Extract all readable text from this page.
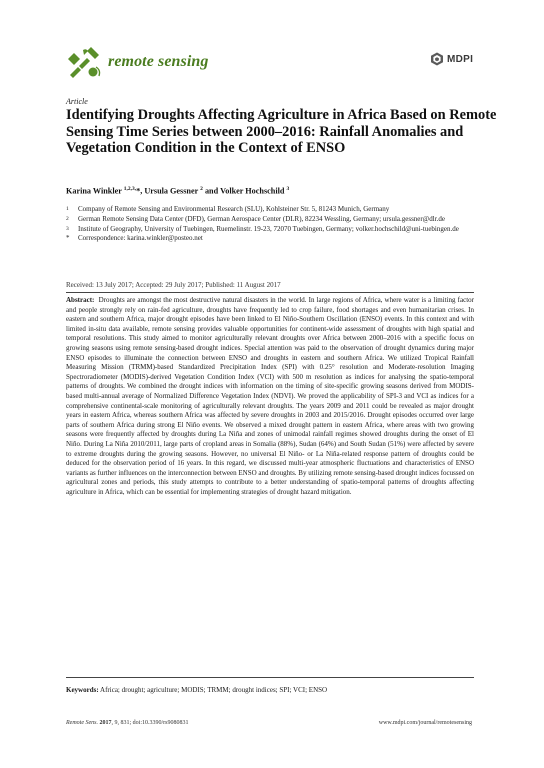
remote sensing	MDPI
Article
Identifying Droughts Affecting Agriculture in Africa Based on Remote Sensing Time Series between 2000–2016: Rainfall Anomalies and Vegetation Condition in the Context of ENSO
Karina Winkler $^{1,2,3,}$*, Ursula Gessner $^2$ and Volker Hochschild $^3$
1	Company of Remote Sensing and Environmental Research (SLU), Kohlsteiner Str. 5, 81243 Munich, Germany
2	German Remote Sensing Data Center (DFD), German Aerospace Center (DLR), 82234 Wessling, Germany; ursula.gessner@dlr.de
3	Institute of Geography, University of Tuebingen, Ruemelinstr. 19-23, 72070 Tuebingen, Germany; volker.hochschild@uni-tuebingen.de
*	Correspondence: karina.winkler@posteo.net
Received: 13 July 2017; Accepted: 29 July 2017; Published: 11 August 2017

Abstract: Droughts are amongst the most destructive natural disasters in the world. In large regions of Africa, where water is a limiting factor and people strongly rely on rain-fed agriculture, droughts have frequently led to crop failure, food shortages and even humanitarian crises. In eastern and southern Africa, major drought episodes have been linked to El Niño-Southern Oscillation (ENSO) events. In this context and with limited in-situ data available, remote sensing provides valuable opportunities for continent-wide assessment of droughts with high spatial and temporal resolutions. This study aimed to monitor agriculturally relevant droughts over Africa between 2000–2016 with a specific focus on growing seasons using remote sensing-based drought indices. Special attention was paid to the observation of drought dynamics during major ENSO episodes to illuminate the connection between ENSO and droughts in eastern and southern Africa. We utilized Tropical Rainfall Measuring Mission (TRMM)-based Standardized Precipitation Index (SPI) with 0.25° resolution and Moderate-resolution Imaging Spectroradiometer (MODIS)-derived Vegetation Condition Index (VCI) with 500 m resolution as indices for analysing the spatio-temporal patterns of droughts. We combined the drought indices with information on the timing of site-specific growing seasons derived from MODIS-based multi-annual average of Normalized Difference Vegetation Index (NDVI). We proved the applicability of SPI-3 and VCI as indices for a comprehensive continental-scale monitoring of agriculturally relevant droughts. The years 2009 and 2011 could be revealed as major drought years in eastern Africa, whereas southern Africa was affected by severe droughts in 2003 and 2015/2016. Drought episodes occurred over large parts of southern Africa during strong El Niño events. We observed a mixed drought pattern in eastern Africa, where areas with two growing seasons were frequently affected by droughts during La Niña and zones of unimodal rainfall regimes showed droughts during the onset of El Niño. During La Niña 2010/2011, large parts of cropland areas in Somalia (88%), Sudan (64%) and South Sudan (51%) were affected by severe to extreme droughts during the growing seasons. However, no universal El Niño- or La Niña-related response pattern of droughts could be deduced for the observation period of 16 years. In this regard, we discussed multi-year atmospheric fluctuations and characteristics of ENSO variants as further influences on the interconnection between ENSO and droughts. By utilizing remote sensing-based drought indices focussed on agricultural zones and periods, this study attempts to contribute to a better understanding of spatio-temporal patterns of droughts affecting agriculture in Africa, which can be essential for implementing strategies of drought hazard mitigation.

Keywords: Africa; drought; agriculture; MODIS; TRMM; drought indices; SPI; VCI; ENSO
Remote Sens. 2017, 9, 831; doi:10.3390/rs9080831	www.mdpi.com/journal/remotesensing
